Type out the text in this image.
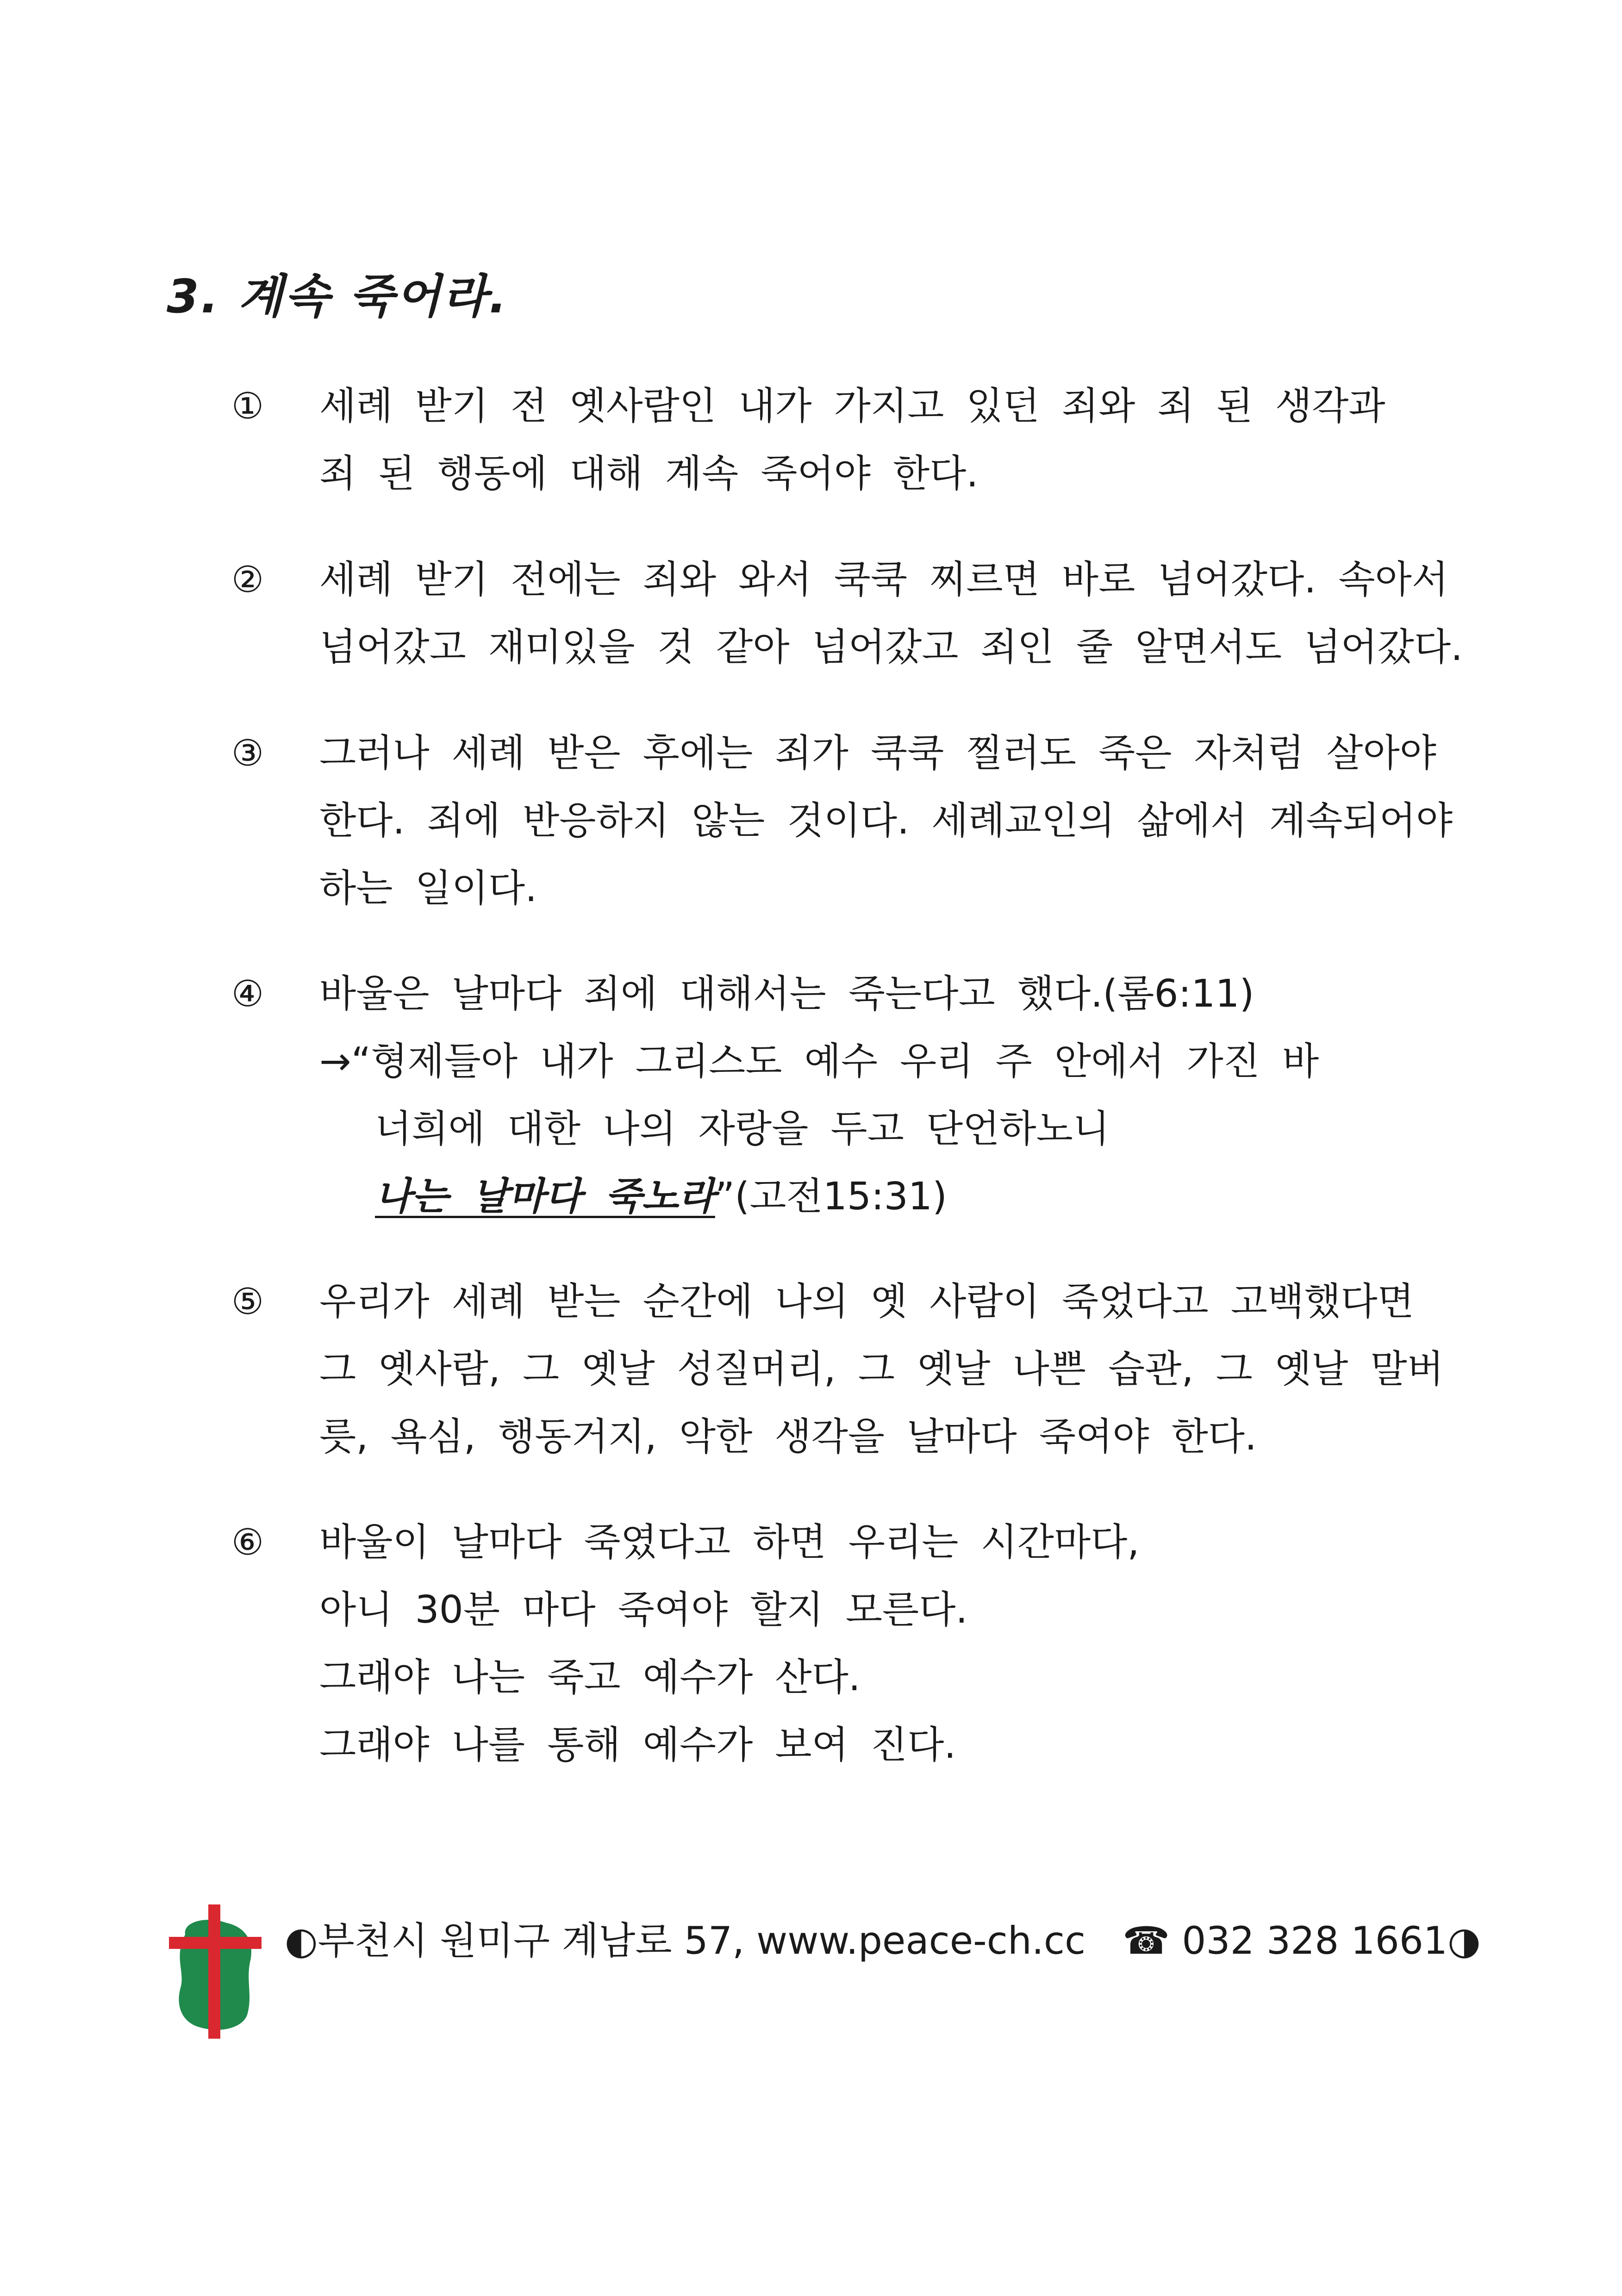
3. 계속 죽어라.
① 세례 받기 전 옛사람인 내가 가지고 있던 죄와 죄 된 생각과
죄 된 행동에 대해 계속 죽어야 한다.
② 세례 받기 전에는 죄와 와서 쿡쿡 찌르면 바로 넘어갔다. 속아서
넘어갔고 재미있을 것 같아 넘어갔고 죄인 줄 알면서도 넘어갔다.
③ 그러나 세례 받은 후에는 죄가 쿡쿡 찔러도 죽은 자처럼 살아야
한다. 죄에 반응하지 않는 것이다. 세례교인의 삶에서 계속되어야
하는 일이다.
④ 바울은 날마다 죄에 대해서는 죽는다고 했다.(롬6:11)
→“형제들아 내가 그리스도 예수 우리 주 안에서 가진 바
너희에 대한 나의 자랑을 두고 단언하노니
나는 날마다 죽노라”(고전15:31)
⑤ 우리가 세례 받는 순간에 나의 옛 사람이 죽었다고 고백했다면
그 옛사람, 그 옛날 성질머리, 그 옛날 나쁜 습관, 그 옛날 말버
릇, 욕심, 행동거지, 악한 생각을 날마다 죽여야 한다.
⑥ 바울이 날마다 죽였다고 하면 우리는 시간마다,
아니 30분 마다 죽여야 할지 모른다.
그래야 나는 죽고 예수가 산다.
그래야 나를 통해 예수가 보여 진다.
◐부천시 원미구 계남로 57, www.peace-ch.cc ☎ 032 328 1661◑
